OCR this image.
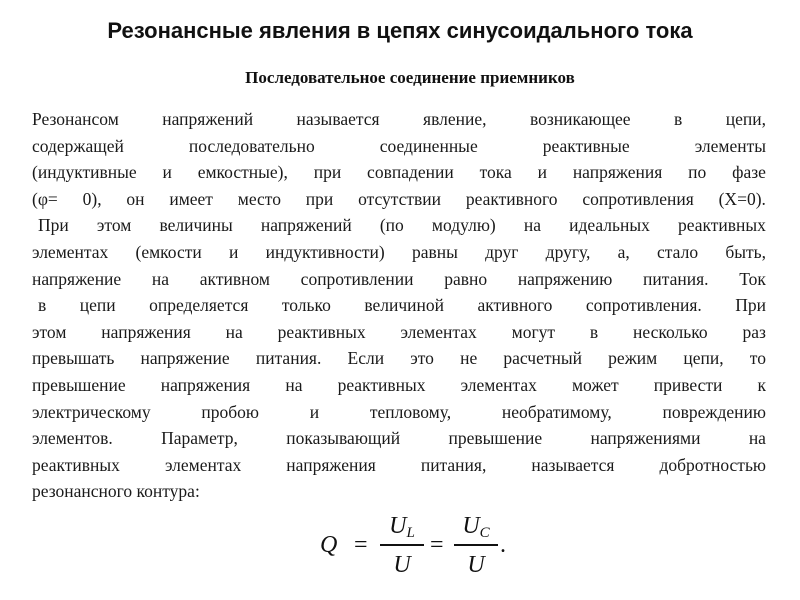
Резонансные явления в цепях синусоидального тока
Последовательное соединение приемников
Резонансом напряжений называется явление, возникающее в цепи,
содержащей	последовательно	соединенные	реактивные	элементы
(индуктивные и емкостные), при совпадении тока и напряжения по фазе
(φ= 0), он имеет место при отсутствии реактивного сопротивления (Х=0).
При этом величины напряжений (по модулю) на идеальных реактивных
элементах (емкости и индуктивности) равны друг другу, а, стало быть,
напряжение на активном сопротивлении равно напряжению питания. Ток
в цепи определяется только величиной активного сопротивления. При
этом напряжения на реактивных элементах могут в несколько раз
превышать напряжение питания. Если это не расчетный режим цепи, то
превышение напряжения на реактивных элементах может привести к
электрическому	пробою	и	тепловому,	необратимому,	повреждению
элементов.	Параметр,	показывающий	превышение	напряжениями	на
реактивных	элементах	напряжения	питания,	называется	добротностью
резонансного контура:
Q =
$U_L$
U
=
$U_C$
U
.
